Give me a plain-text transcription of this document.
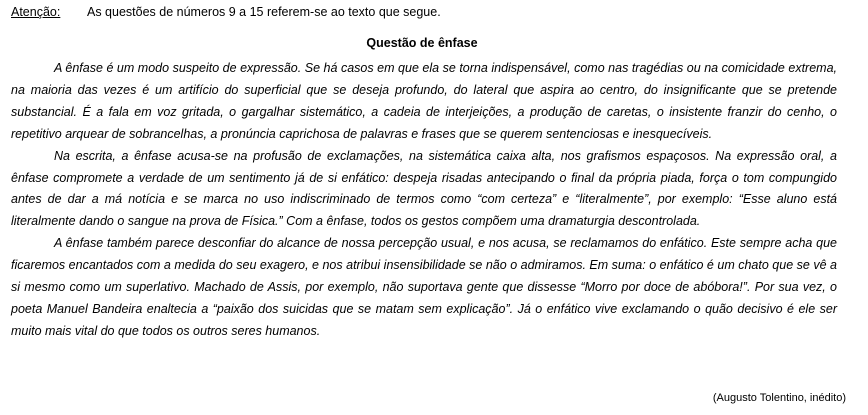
Atenção: As questões de números 9 a 15 referem-se ao texto que segue.
Questão de ênfase

A ênfase é um modo suspeito de expressão. Se há casos em que ela se torna indispensável, como nas tragédias ou na comicidade extrema, na maioria das vezes é um artifício do superficial que se deseja profundo, do lateral que aspira ao centro, do insignificante que se pretende substancial. É a fala em voz gritada, o gargalhar sistemático, a cadeia de interjeições, a produção de caretas, o insistente franzir do cenho, o repetitivo arquear de sobrancelhas, a pronúncia caprichosa de palavras e frases que se querem sentenciosas e inesquecíveis.

Na escrita, a ênfase acusa-se na profusão de exclamações, na sistemática caixa alta, nos grafismos espaçosos. Na expressão oral, a ênfase compromete a verdade de um sentimento já de si enfático: despeja risadas antecipando o final da própria piada, força o tom compungido antes de dar a má notícia e se marca no uso indiscriminado de termos como “com certeza” e “literalmente”, por exemplo: “Esse aluno está literalmente dando o sangue na prova de Física.” Com a ênfase, todos os gestos compõem uma dramaturgia descontrolada.

A ênfase também parece desconfiar do alcance de nossa percepção usual, e nos acusa, se reclamamos do enfático. Este sempre acha que ficaremos encantados com a medida do seu exagero, e nos atribui insensibilidade se não o admiramos. Em suma: o enfático é um chato que se vê a si mesmo como um superlativo. Machado de Assis, por exemplo, não suportava gente que dissesse “Morro por doce de abóbora!”. Por sua vez, o poeta Manuel Bandeira enaltecia a “paixão dos suicidas que se matam sem explicação”. Já o enfático vive exclamando o quão decisivo é ele ser muito mais vital do que todos os outros seres humanos.

(Augusto Tolentino, inédito)
